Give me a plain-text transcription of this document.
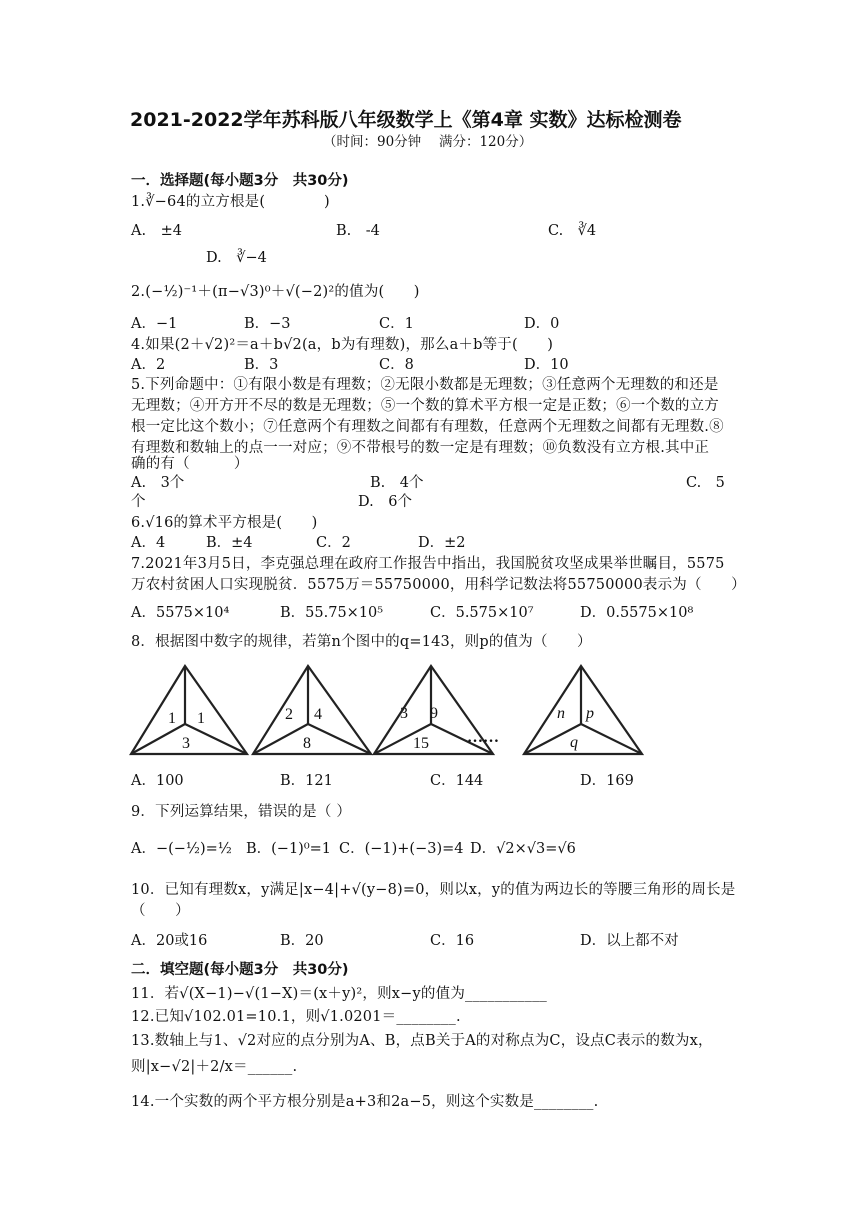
2021-2022学年苏科版八年级数学上《第4章 实数》达标检测卷
（时间：90分钟　 满分：120分）
一．选择题(每小题3分　共30分)
1.∛−64的立方根是(　　　　)
A.　±4	B.　-4	C.　∛4
D.　∛−4
2.(−½)⁻¹＋(π−√3)⁰＋√(−2)²的值为(　　)
A．−1	B．−3	C．1	D．0
4.如果(2＋√2)²＝a＋b√2(a，b为有理数)，那么a＋b等于(　　)
A．2	B．3	C．8	D．10
5.下列命题中：①有限小数是有理数；②无限小数都是无理数；③任意两个无理数的和还是
无理数；④开方开不尽的数是无理数；⑤一个数的算术平方根一定是正数；⑥一个数的立方
根一定比这个数小；⑦任意两个有理数之间都有有理数，任意两个无理数之间都有无理数.⑧
有理数和数轴上的点一一对应；⑨不带根号的数一定是有理数；⑩负数没有立方根.其中正
确的有（　　　）
A.　3个	B.　4个	C.　5
个	D.　6个
6.√16的算术平方根是(　　)
A．4	B．±4	C．2	D．±2
7.2021年3月5日，李克强总理在政府工作报告中指出，我国脱贫攻坚成果举世瞩目，5575
万农村贫困人口实现脱贫．5575万＝55750000，用科学记数法将55750000表示为（　　）
A．5575×10⁴	B．55.75×10⁵	C．5.575×10⁷	D．0.5575×10⁸
8．根据图中数字的规律，若第n个图中的q=143，则p的值为（　　）
1 1
3
2 4
8
3 9
15 ……
n p
q
A．100	B．121	C．144	D．169
9．下列运算结果，错误的是（ ）
A．−(−½)=½ B．(−1)⁰=1 C．(−1)+(−3)=4 D．√2×√3=√6
10．已知有理数x，y满足|x−4|+√(y−8)=0，则以x，y的值为两边长的等腰三角形的周长是
（　　）
A．20或16	B．20	C．16	D．以上都不对
二．填空题(每小题3分　共30分)
11．若√(X−1)−√(1−X)＝(x＋y)²，则x−y的值为___________
12.已知√102.01=10.1，则√1.0201＝________.
13.数轴上与1、√2对应的点分别为A、B，点B关于A的对称点为C，设点C表示的数为x，
则|x−√2|＋2/x＝______.
14.一个实数的两个平方根分别是a+3和2a−5，则这个实数是________.
